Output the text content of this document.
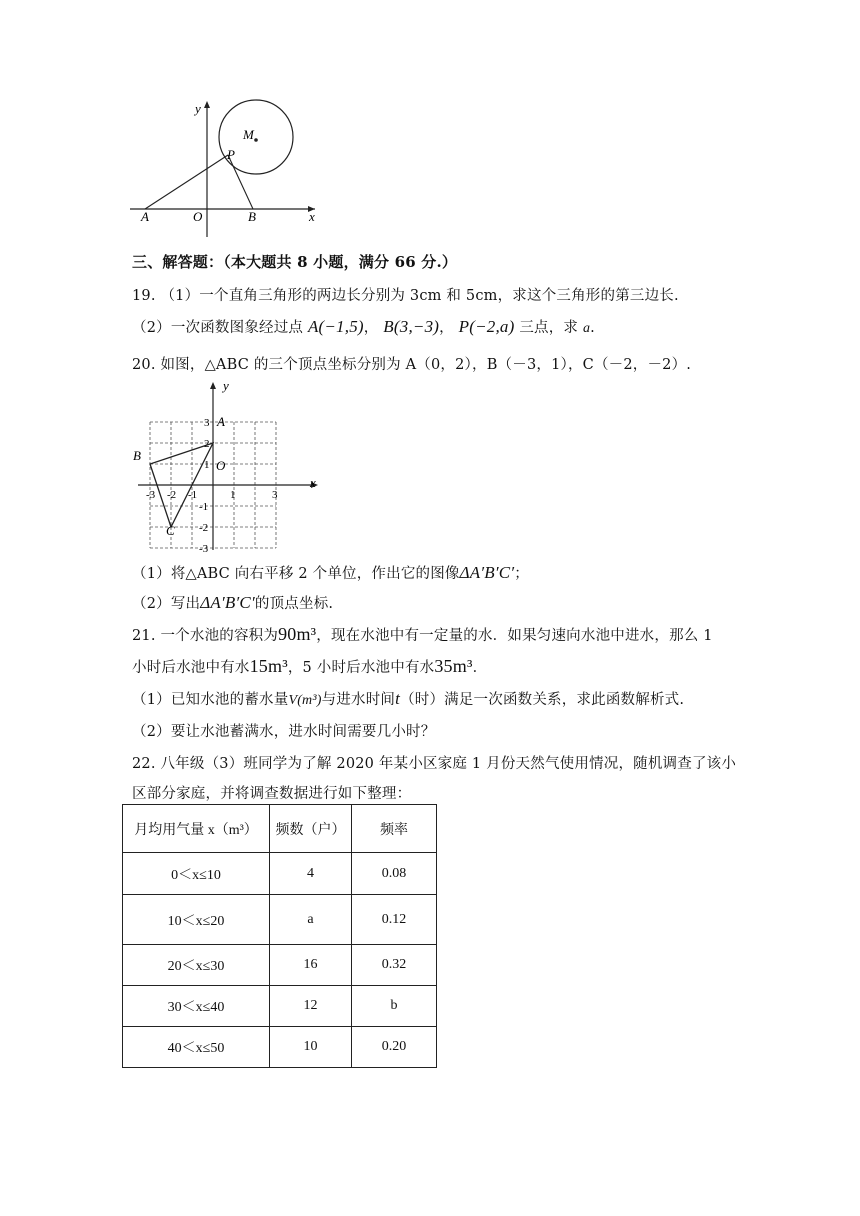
y
x
M
P
A	O	B
三、解答题：（本大题共 8 小题，满分 66 分.）
19. （1）一个直角三角形的两边长分别为 3cm 和 5cm，求这个三角形的第三边长.
（2）一次函数图象经过点 A(−1,5)， B(3,−3)， P(−2,a) 三点，求 a.
20. 如图，△ABC 的三个顶点坐标分别为 A（0，2），B（－3，1），C（－2，－2）.
-3 -2 -1	1	3
3
2
1
-1
-2
-3
y
x
O
A
B
C
（1）将△ABC 向右平移 2 个单位，作出它的图像ΔA′B′C′；
（2）写出ΔA′B′C′的顶点坐标.
21. 一个水池的容积为90m³，现在水池中有一定量的水．如果匀速向水池中进水，那么 1
小时后水池中有水15m³，5 小时后水池中有水35m³．
（1）已知水池的蓄水量V(m³)与进水时间t（时）满足一次函数关系，求此函数解析式.
（2）要让水池蓄满水，进水时间需要几小时？
22. 八年级（3）班同学为了解 2020 年某小区家庭 1 月份天然气使用情况，随机调查了该小
区部分家庭，并将调查数据进行如下整理：
月均用气量 x（m³）	频数（户）	频率
0＜x≤10	4	0.08
10＜x≤20	a	0.12
20＜x≤30	16	0.32
30＜x≤40	12	b
40＜x≤50	10	0.20
